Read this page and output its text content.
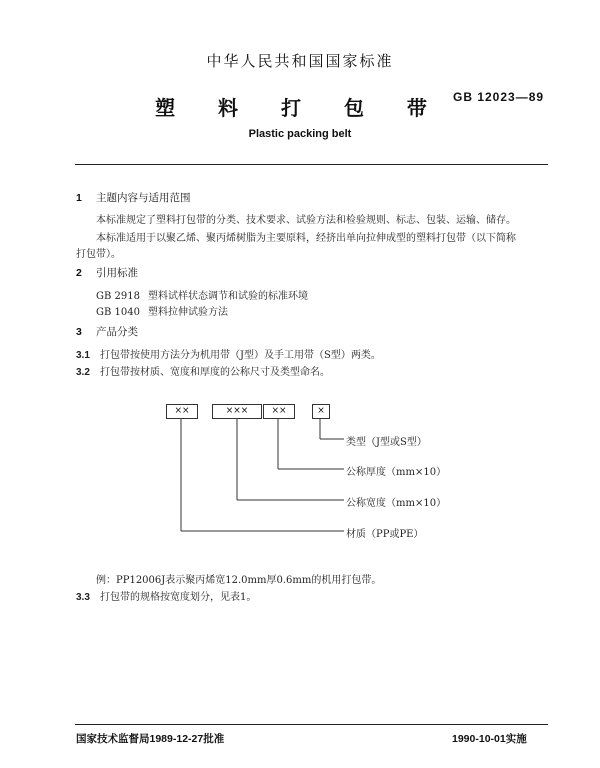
中华人民共和国国家标准
塑 料 打 包 带 GB 12023—89
Plastic packing belt
1 主题内容与适用范围
本标准规定了塑料打包带的分类、技术要求、试验方法和检验规则、标志、包装、运输、储存。
本标准适用于以聚乙烯、聚丙烯树脂为主要原料，经挤出单向拉伸成型的塑料打包带（以下简称
打包带）。
2 引用标准
GB 2918 塑料试样状态调节和试验的标准环境
GB 1040 塑料拉伸试验方法
3 产品分类
3.1 打包带按使用方法分为机用带（J型）及手工用带（S型）两类。
3.2 打包带按材质、宽度和厚度的公称尺寸及类型命名。
××	×××	××	×
类型（J型或S型）
公称厚度（mm×10）
公称宽度（mm×10）
材质（PP或PE）
例：PP12006J表示聚丙烯宽12.0mm厚0.6mm的机用打包带。
3.3 打包带的规格按宽度划分，见表1。
国家技术监督局1989-12-27批准	1990-10-01实施
